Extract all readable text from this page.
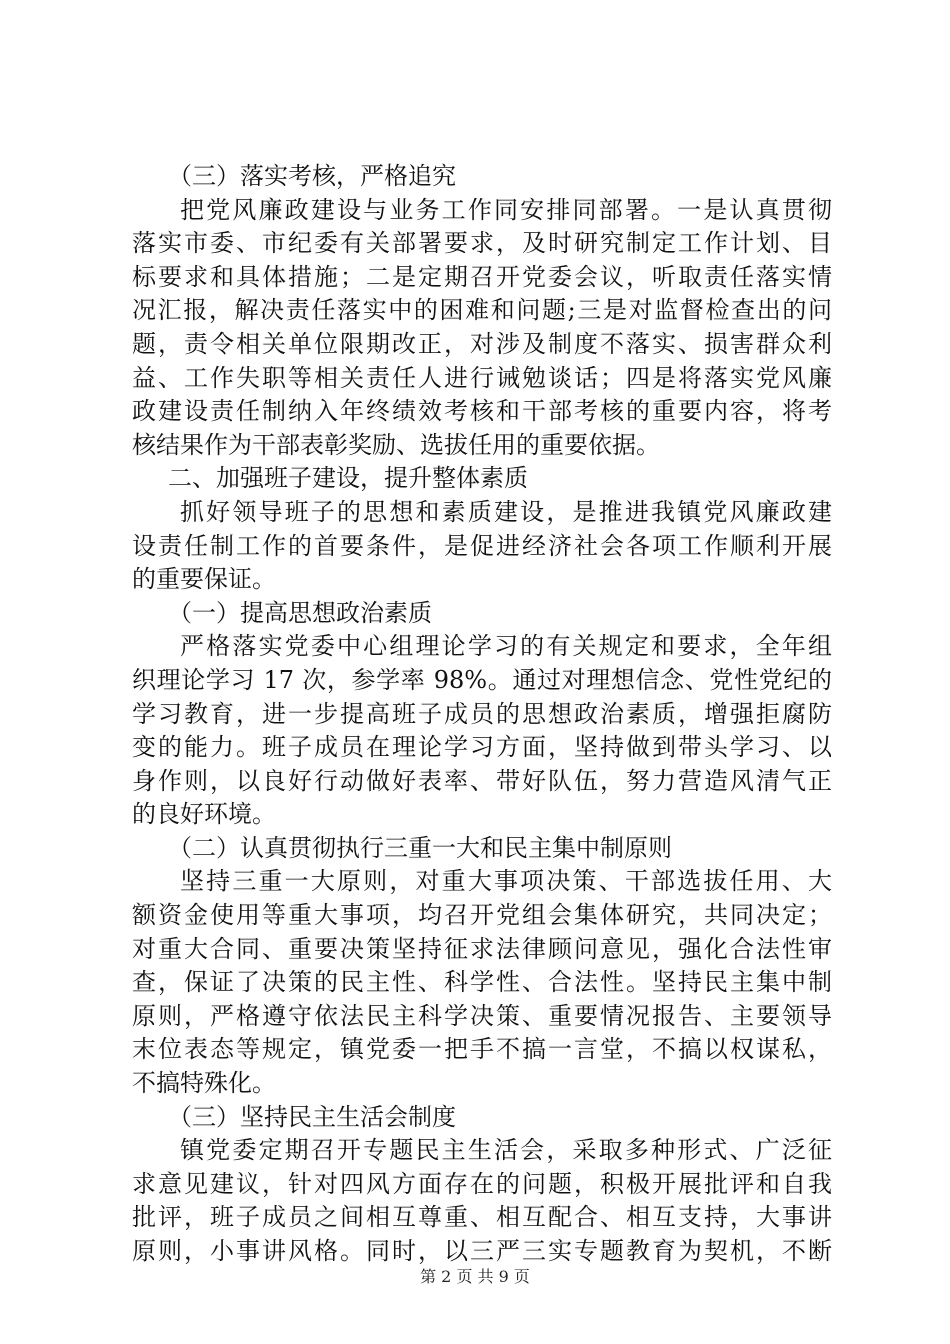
（三）落实考核，严格追究
把党风廉政建设与业务工作同安排同部署。一是认真贯彻
落实市委、市纪委有关部署要求，及时研究制定工作计划、目
标要求和具体措施；二是定期召开党委会议，听取责任落实情
况汇报，解决责任落实中的困难和问题;三是对监督检查出的问
题，责令相关单位限期改正，对涉及制度不落实、损害群众利
益、工作失职等相关责任人进行诫勉谈话；四是将落实党风廉
政建设责任制纳入年终绩效考核和干部考核的重要内容，将考
核结果作为干部表彰奖励、选拔任用的重要依据。
二、加强班子建设，提升整体素质
抓好领导班子的思想和素质建设，是推进我镇党风廉政建
设责任制工作的首要条件，是促进经济社会各项工作顺利开展
的重要保证。
（一）提高思想政治素质
严格落实党委中心组理论学习的有关规定和要求，全年组
织理论学习 17 次，参学率 98%。通过对理想信念、党性党纪的
学习教育，进一步提高班子成员的思想政治素质，增强拒腐防
变的能力。班子成员在理论学习方面，坚持做到带头学习、以
身作则，以良好行动做好表率、带好队伍，努力营造风清气正
的良好环境。
（二）认真贯彻执行三重一大和民主集中制原则
坚持三重一大原则，对重大事项决策、干部选拔任用、大
额资金使用等重大事项，均召开党组会集体研究，共同决定；
对重大合同、重要决策坚持征求法律顾问意见，强化合法性审
查，保证了决策的民主性、科学性、合法性。坚持民主集中制
原则，严格遵守依法民主科学决策、重要情况报告、主要领导
末位表态等规定，镇党委一把手不搞一言堂，不搞以权谋私，
不搞特殊化。
（三）坚持民主生活会制度
镇党委定期召开专题民主生活会，采取多种形式、广泛征
求意见建议，针对四风方面存在的问题，积极开展批评和自我
批评，班子成员之间相互尊重、相互配合、相互支持，大事讲
原则，小事讲风格。同时，以三严三实专题教育为契机，不断
第 2 页 共 9 页
